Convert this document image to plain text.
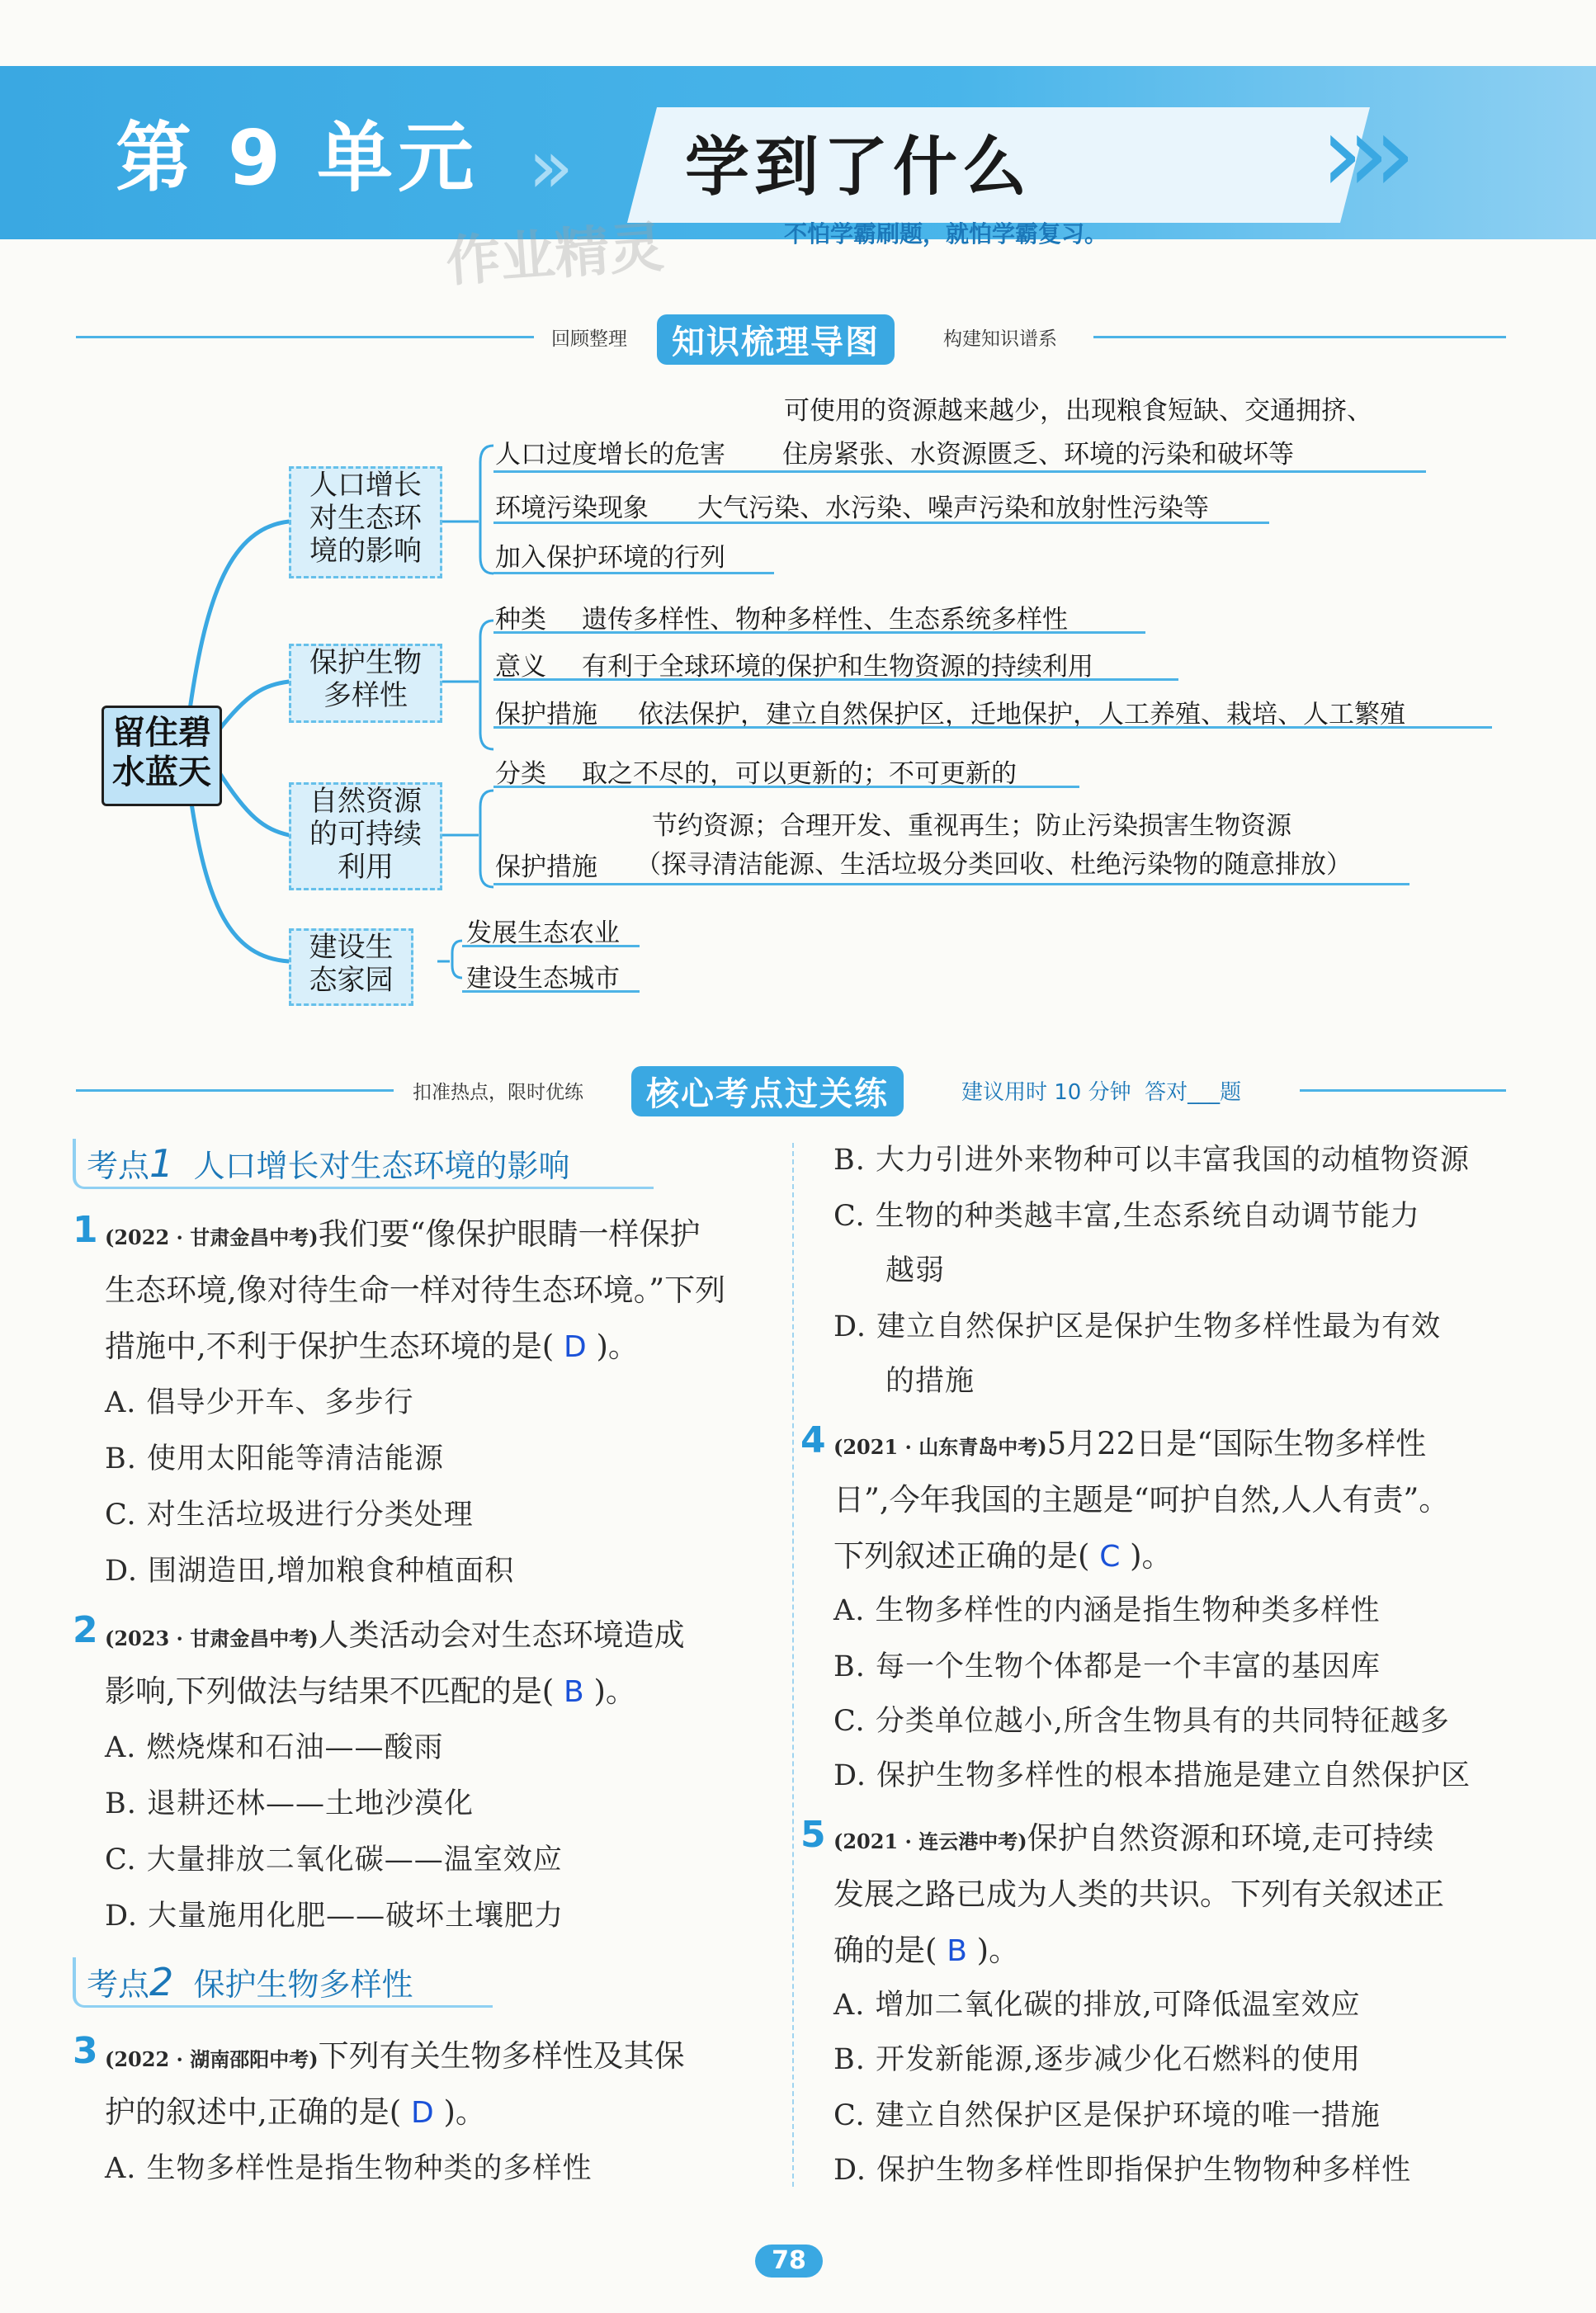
第 9 单元 » 学到了什么	›››
不怕学霸刷题，就怕学霸复习。
作业精灵
回顾整理	知识梳理导图	构建知识谱系
留住碧
水蓝天
人口增长
对生态环
境的影响
可使用的资源越来越少，出现粮食短缺、交通拥挤、
人口过度增长的危害 住房紧张、水资源匮乏、环境的污染和破坏等
环境污染现象 大气污染、水污染、噪声污染和放射性污染等
加入保护环境的行列
保护生物
多样性
种类 遗传多样性、物种多样性、生态系统多样性
意义 有利于全球环境的保护和生物资源的持续利用
保护措施 依法保护，建立自然保护区，迁地保护，人工养殖、栽培、人工繁殖
自然资源
的可持续
利用
分类 取之不尽的，可以更新的；不可更新的
节约资源；合理开发、重视再生；防止污染损害生物资源
保护措施 （探寻清洁能源、生活垃圾分类回收、杜绝污染物的随意排放）
建设生
态家园
发展生态农业
建设生态城市
扣准热点，限时优练	核心考点过关练	建议用时 10 分钟  答对___题
考点1 人口增长对生态环境的影响
1 (2022 · 甘肃金昌中考)我们要“像保护眼睛一样保护
生态环境,像对待生命一样对待生态环境。”下列
措施中,不利于保护生态环境的是( D )。
A. 倡导少开车、多步行
B. 使用太阳能等清洁能源
C. 对生活垃圾进行分类处理
D. 围湖造田,增加粮食种植面积
2 (2023 · 甘肃金昌中考)人类活动会对生态环境造成
影响,下列做法与结果不匹配的是( B )。
A. 燃烧煤和石油——酸雨
B. 退耕还林——土地沙漠化
C. 大量排放二氧化碳——温室效应
D. 大量施用化肥——破坏土壤肥力
考点2 保护生物多样性
3 (2022 · 湖南邵阳中考)下列有关生物多样性及其保
护的叙述中,正确的是( D )。
A. 生物多样性是指生物种类的多样性
B. 大力引进外来物种可以丰富我国的动植物资源
C. 生物的种类越丰富,生态系统自动调节能力
越弱
D. 建立自然保护区是保护生物多样性最为有效
的措施
4 (2021 · 山东青岛中考)5月22日是“国际生物多样性
日”,今年我国的主题是“呵护自然,人人有责”。
下列叙述正确的是( C )。
A. 生物多样性的内涵是指生物种类多样性
B. 每一个生物个体都是一个丰富的基因库
C. 分类单位越小,所含生物具有的共同特征越多
D. 保护生物多样性的根本措施是建立自然保护区
5 (2021 · 连云港中考)保护自然资源和环境,走可持续
发展之路已成为人类的共识。下列有关叙述正
确的是( B )。
A. 增加二氧化碳的排放,可降低温室效应
B. 开发新能源,逐步减少化石燃料的使用
C. 建立自然保护区是保护环境的唯一措施
D. 保护生物多样性即指保护生物物种多样性
78
